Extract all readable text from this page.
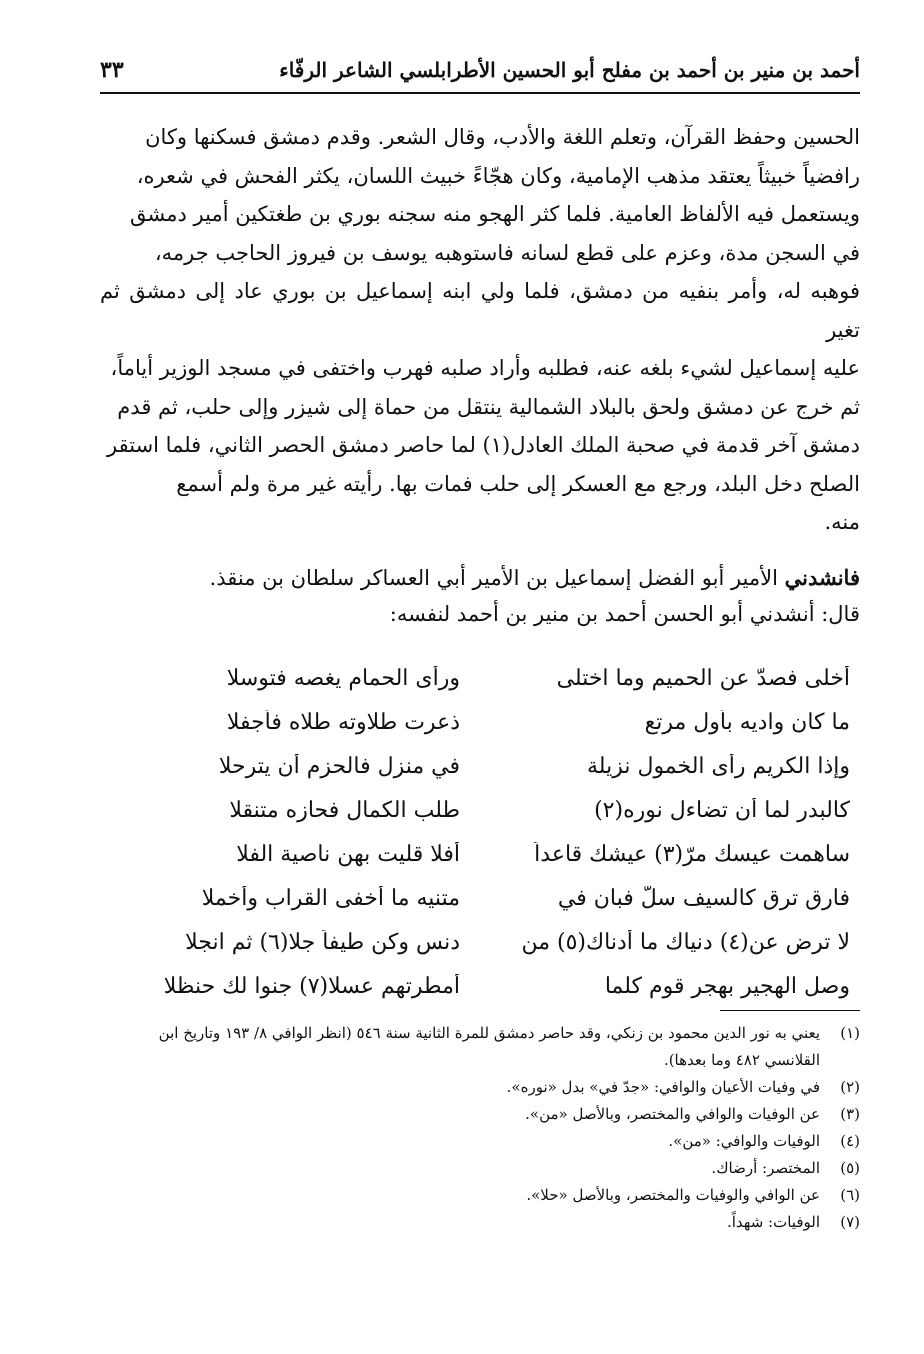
أحمد بن منير بن أحمد بن مفلح أبو الحسين الأطرابلسي الشاعر الرفّاء
٣٣

الحسين وحفظ القرآن، وتعلم اللغة والأدب، وقال الشعر. وقدم دمشق فسكنها وكان

رافضياً خبيثاً يعتقد مذهب الإمامية، وكان هجّاءً خبيث اللسان، يكثر الفحش في شعره،

ويستعمل فيه الألفاظ العامية. فلما كثر الهجو منه سجنه بوري بن طغتكين أمير دمشق

في السجن مدة، وعزم على قطع لسانه فاستوهبه يوسف بن فيروز الحاجب جرمه،

فوهبه له، وأمر بنفيه من دمشق، فلما ولي ابنه إسماعيل بن بوري عاد إلى دمشق ثم تغير

عليه إسماعيل لشيء بلغه عنه، فطلبه وأراد صلبه فهرب واختفى في مسجد الوزير أياماً،

ثم خرج عن دمشق ولحق بالبلاد الشمالية ينتقل من حماة إلى شيزر وإلى حلب، ثم قدم

دمشق آخر قدمة في صحبة الملك العادل(١) لما حاصر دمشق الحصر الثاني، فلما استقر

الصلح دخل البلد، ورجع مع العسكر إلى حلب فمات بها. رأيته غير مرة ولم أسمع

منه.

فانشدني الأمير أبو الفضل إسماعيل بن الأمير أبي العساكر سلطان بن منقذ.
قال: أنشدني أبو الحسن أحمد بن منير بن أحمد لنفسه:
أخلى فصدّ عن الحميم وما اختلى
ورأى الحمام يغصه فتوسلا
ما كان واديه بأول مرتع
ذعرت طلاوته طلاه فأجفلا
وإذا الكريم رأى الخمول نزيلة
في منزل فالحزم أن يترحلا
كالبدر لما أن تضاءل نوره(٢)
طلب الكمال فحازه متنقلا
ساهمت عيسك مرّ(٣) عيشك قاعداً
أفلا قليت بهن ناصية الفلا
فارق ترق كالسيف سلّ فبان في
متنيه ما أخفى القراب وأخملا
لا ترض عن(٤) دنياك ما أدناك(٥) من
دنس وكن طيفاً جلا(٦) ثم انجلا
وصل الهجير بهجر قوم كلما
أمطرتهم عسلا(٧) جنوا لك حنظلا
(١)
يعني به نور الدين محمود بن زنكي، وقد حاصر دمشق للمرة الثانية سنة ٥٤٦ (انظر الوافي ٨/ ١٩٣ وتاريخ ابن القلانسي ٤٨٢ وما بعدها).
(٢)
في وفيات الأعيان والوافي: «جدّ في» بدل «نوره».
(٣)
عن الوفيات والوافي والمختصر، وبالأصل «من».
(٤)
الوفيات والوافي: «من».
(٥)
المختصر: أرضاك.
(٦)
عن الوافي والوفيات والمختصر، وبالأصل «حلا».
(٧)
الوفيات: شهداً.
